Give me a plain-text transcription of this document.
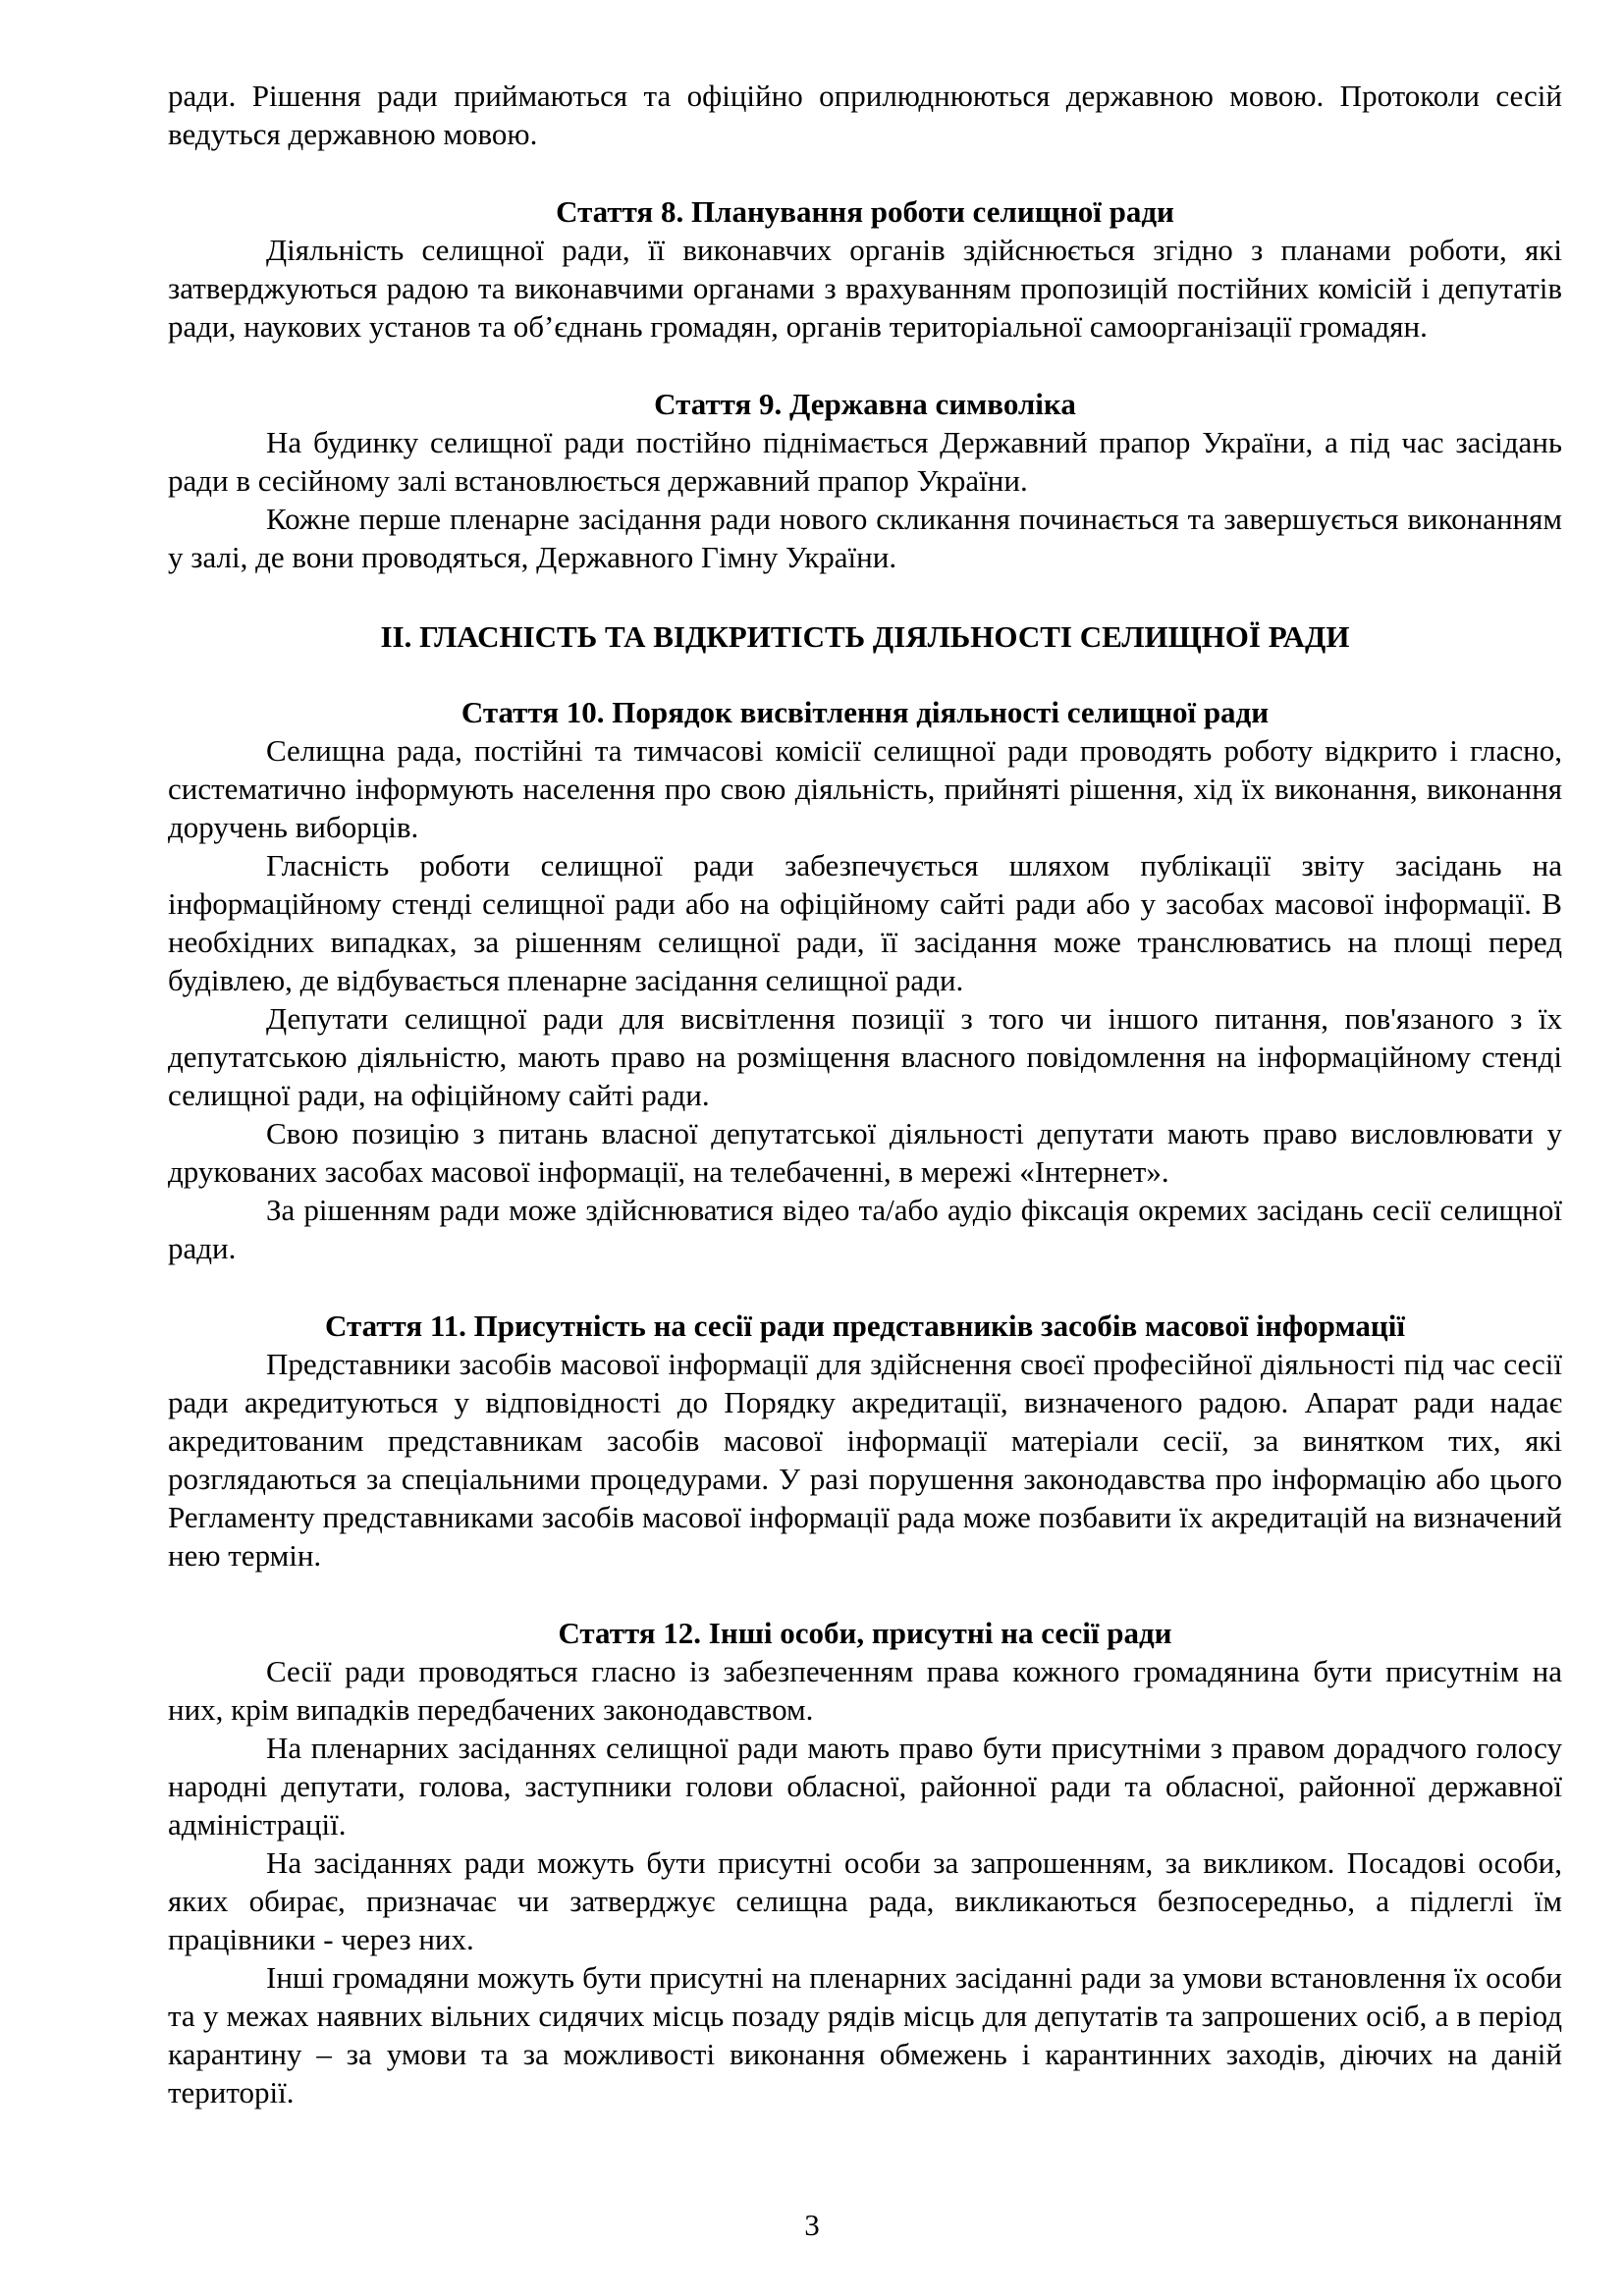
ради. Рішення ради приймаються та офіційно оприлюднюються державною мовою. Протоколи сесій ведуться державною мовою.

Стаття 8. Планування роботи селищної ради

Діяльність селищної ради, її виконавчих органів здійснюється згідно з планами роботи, які затверджуються радою та виконавчими органами з врахуванням пропозицій постійних комісій і депутатів ради, наукових установ та об’єднань громадян, органів територіальної самоорганізації громадян.

Стаття 9. Державна символіка

На будинку селищної ради постійно піднімається Державний прапор України, а під час засідань ради в сесійному залі встановлюється державний прапор України.

Кожне перше пленарне засідання ради нового скликання починається та завершується виконанням у залі, де вони проводяться, Державного Гімну України.

ІІ. ГЛАСНІСТЬ ТА ВІДКРИТІСТЬ ДІЯЛЬНОСТІ СЕЛИЩНОЇ РАДИ
Стаття 10. Порядок висвітлення діяльності селищної ради

Селищна рада, постійні та тимчасові комісії селищної ради проводять роботу відкрито і гласно, систематично інформують населення про свою діяльність, прийняті рішення, хід їх виконання, виконання доручень виборців.

Гласність роботи селищної ради забезпечується шляхом публікації звіту засідань на інформаційному стенді селищної ради або на офіційному сайті ради або у засобах масової інформації. В необхідних випадках, за рішенням селищної ради, її засідання може транслюватись на площі перед будівлею, де відбувається пленарне засідання селищної ради.

Депутати селищної ради для висвітлення позиції з того чи іншого питання, пов'язаного з їх депутатською діяльністю, мають право на розміщення власного повідомлення на інформаційному стенді селищної ради, на офіційному сайті ради.

Свою позицію з питань власної депутатської діяльності депутати мають право висловлювати у друкованих засобах масової інформації, на телебаченні, в мережі «Інтернет».

За рішенням ради може здійснюватися відео та/або аудіо фіксація окремих засідань сесії селищної ради.

Стаття 11. Присутність на сесії ради представників засобів масової інформації

Представники засобів масової інформації для здійснення своєї професійної діяльності під час сесії ради акредитуються у відповідності до Порядку акредитації, визначеного радою. Апарат ради надає акредитованим представникам засобів масової інформації матеріали сесії, за винятком тих, які розглядаються за спеціальними процедурами. У разі порушення законодавства про інформацію або цього Регламенту представниками засобів масової інформації рада може позбавити їх акредитацій на визначений нею термін.

Стаття 12. Інші особи, присутні на сесії ради

Сесії ради проводяться гласно із забезпеченням права кожного громадянина бути присутнім на них, крім випадків передбачених законодавством.

На пленарних засіданнях селищної ради мають право бути присутніми з правом дорадчого голосу народні депутати, голова, заступники голови обласної, районної ради та обласної, районної державної адміністрації.

На засіданнях ради можуть бути присутні особи за запрошенням, за викликом. Посадові особи, яких обирає, призначає чи затверджує селищна рада, викликаються безпосередньо, а підлеглі їм працівники - через них.

Інші громадяни можуть бути присутні на пленарних засіданні ради за умови встановлення їх особи та у межах наявних вільних сидячих місць позаду рядів місць для депутатів та запрошених осіб, а в період карантину – за умови та за можливості виконання обмежень і карантинних заходів, діючих на даній території.

3
